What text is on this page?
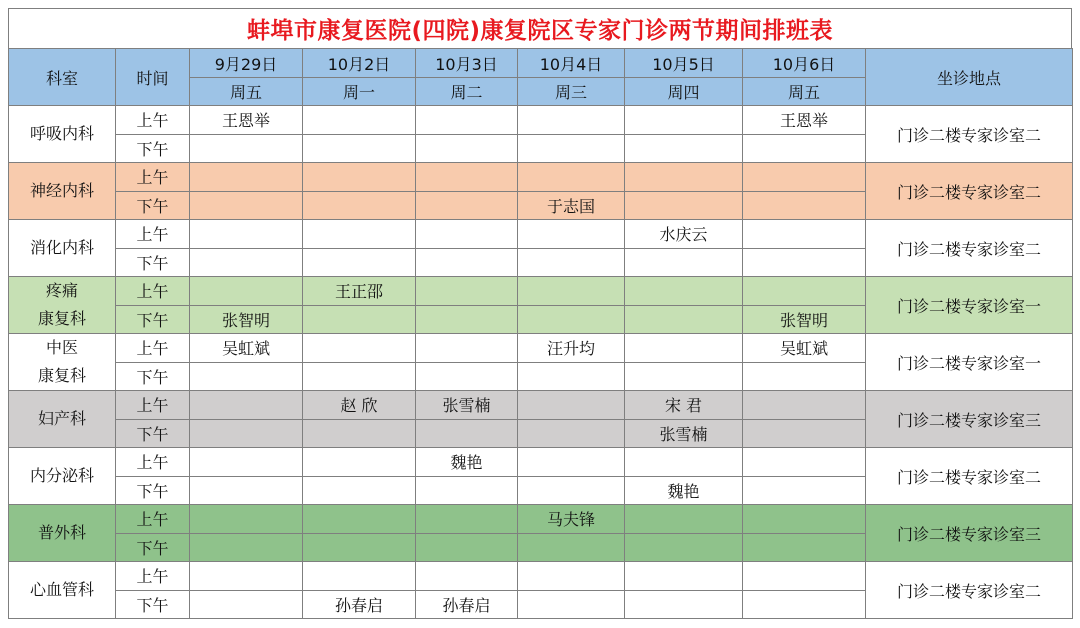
蚌埠市康复医院(四院)康复院区专家门诊两节期间排班表
科室	时间	9月29日	10月2日	10月3日	10月4日	10月5日	10月6日	坐诊地点
		周五	周一	周二	周三	周四	周五	
呼吸内科	上午	王恩举					王恩举	门诊二楼专家诊室二
	下午							
神经内科	上午							门诊二楼专家诊室二
	下午				于志国			
消化内科	上午					水庆云		门诊二楼专家诊室二
	下午							
疼痛
康复科	上午		王正邵					门诊二楼专家诊室一
	下午	张智明					张智明	
中医
康复科	上午	吴虹斌			汪升均		吴虹斌	门诊二楼专家诊室一
	下午							
妇产科	上午		赵 欣	张雪楠		宋 君		门诊二楼专家诊室三
	下午					张雪楠		
内分泌科	上午			魏艳				门诊二楼专家诊室二
	下午					魏艳		
普外科	上午				马夫锋			门诊二楼专家诊室三
	下午							
心血管科	上午							门诊二楼专家诊室二
	下午		孙春启	孙春启				
